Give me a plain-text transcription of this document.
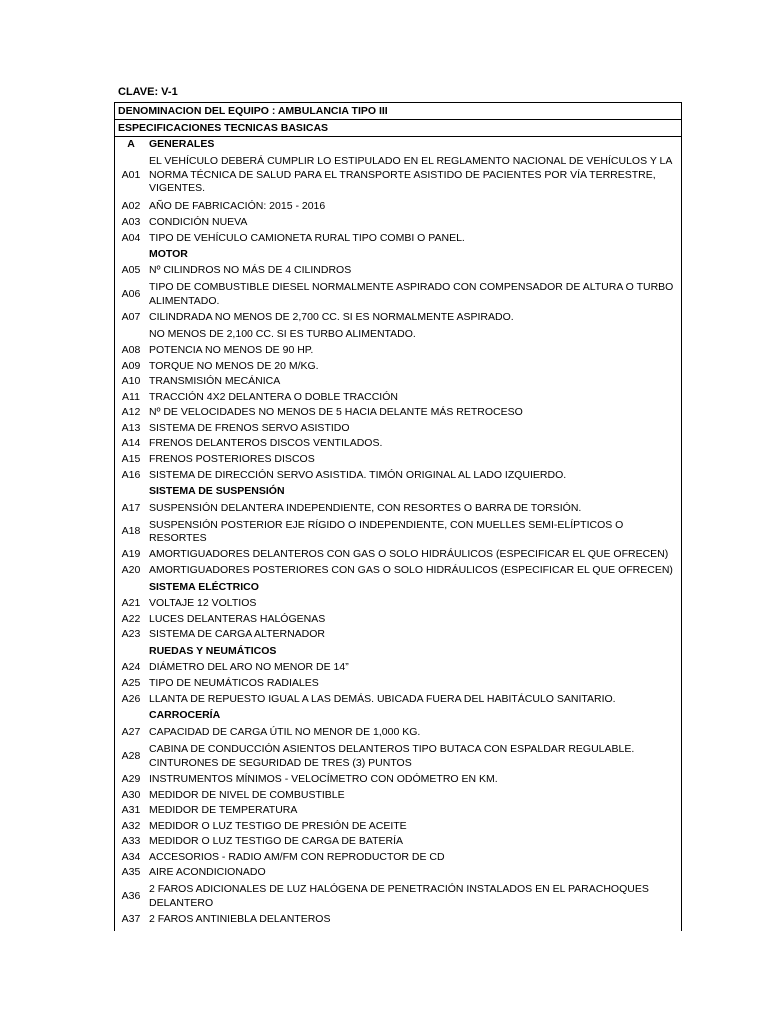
CLAVE: V-1
DENOMINACION DEL EQUIPO : AMBULANCIA TIPO III
ESPECIFICACIONES TECNICAS BASICAS
A	GENERALES
A01	EL VEHÍCULO DEBERÁ CUMPLIR LO ESTIPULADO EN EL REGLAMENTO NACIONAL DE VEHÍCULOS Y LA NORMA TÉCNICA DE SALUD PARA EL TRANSPORTE ASISTIDO DE PACIENTES POR VÍA TERRESTRE, VIGENTES.
A02	AÑO DE FABRICACIÓN: 2015 - 2016
A03	CONDICIÓN NUEVA
A04	TIPO DE VEHÍCULO CAMIONETA RURAL TIPO COMBI O PANEL.
	MOTOR
A05	Nº CILINDROS NO MÁS DE 4 CILINDROS
A06	TIPO DE COMBUSTIBLE DIESEL NORMALMENTE ASPIRADO CON COMPENSADOR DE ALTURA O TURBO ALIMENTADO.
A07	CILINDRADA NO MENOS DE 2,700 CC. SI ES NORMALMENTE ASPIRADO.
	NO MENOS DE 2,100 CC. SI ES TURBO ALIMENTADO.
A08	POTENCIA NO MENOS DE 90 HP.
A09	TORQUE NO MENOS DE 20 M/KG.
A10	TRANSMISIÓN MECÁNICA
A11	TRACCIÓN 4X2 DELANTERA O DOBLE TRACCIÓN
A12	Nº DE VELOCIDADES NO MENOS DE 5 HACIA DELANTE MÁS RETROCESO
A13	SISTEMA DE FRENOS SERVO ASISTIDO
A14	FRENOS DELANTEROS DISCOS VENTILADOS.
A15	FRENOS POSTERIORES DISCOS
A16	SISTEMA DE DIRECCIÓN SERVO ASISTIDA. TIMÓN ORIGINAL AL LADO IZQUIERDO.
	SISTEMA DE SUSPENSIÓN
A17	SUSPENSIÓN DELANTERA INDEPENDIENTE, CON RESORTES O BARRA DE TORSIÓN.
A18	SUSPENSIÓN POSTERIOR EJE RÍGIDO O INDEPENDIENTE, CON MUELLES SEMI-ELÍPTICOS O RESORTES
A19	AMORTIGUADORES DELANTEROS CON GAS O SOLO HIDRÁULICOS (ESPECIFICAR EL QUE OFRECEN)
A20	AMORTIGUADORES POSTERIORES CON GAS O SOLO HIDRÁULICOS (ESPECIFICAR EL QUE OFRECEN)
	SISTEMA ELÉCTRICO
A21	VOLTAJE 12 VOLTIOS
A22	LUCES DELANTERAS HALÓGENAS
A23	SISTEMA DE CARGA ALTERNADOR
	RUEDAS Y NEUMÁTICOS
A24	DIÁMETRO DEL ARO NO MENOR DE 14”
A25	TIPO DE NEUMÁTICOS RADIALES
A26	LLANTA DE REPUESTO IGUAL A LAS DEMÁS. UBICADA FUERA DEL HABITÁCULO SANITARIO.
	CARROCERÍA
A27	CAPACIDAD DE CARGA ÚTIL NO MENOR DE 1,000 KG.
A28	CABINA DE CONDUCCIÓN ASIENTOS DELANTEROS TIPO BUTACA CON ESPALDAR REGULABLE. CINTURONES DE SEGURIDAD DE TRES (3) PUNTOS
A29	INSTRUMENTOS MÍNIMOS - VELOCÍMETRO CON ODÓMETRO EN KM.
A30	MEDIDOR DE NIVEL DE COMBUSTIBLE
A31	MEDIDOR DE TEMPERATURA
A32	MEDIDOR O LUZ TESTIGO DE PRESIÓN DE ACEITE
A33	MEDIDOR O LUZ TESTIGO DE CARGA DE BATERÍA
A34	ACCESORIOS - RADIO AM/FM CON REPRODUCTOR DE CD
A35	AIRE ACONDICIONADO
A36	2 FAROS ADICIONALES DE LUZ HALÓGENA DE PENETRACIÓN INSTALADOS EN EL PARACHOQUES DELANTERO
A37	2 FAROS ANTINIEBLA DELANTEROS
